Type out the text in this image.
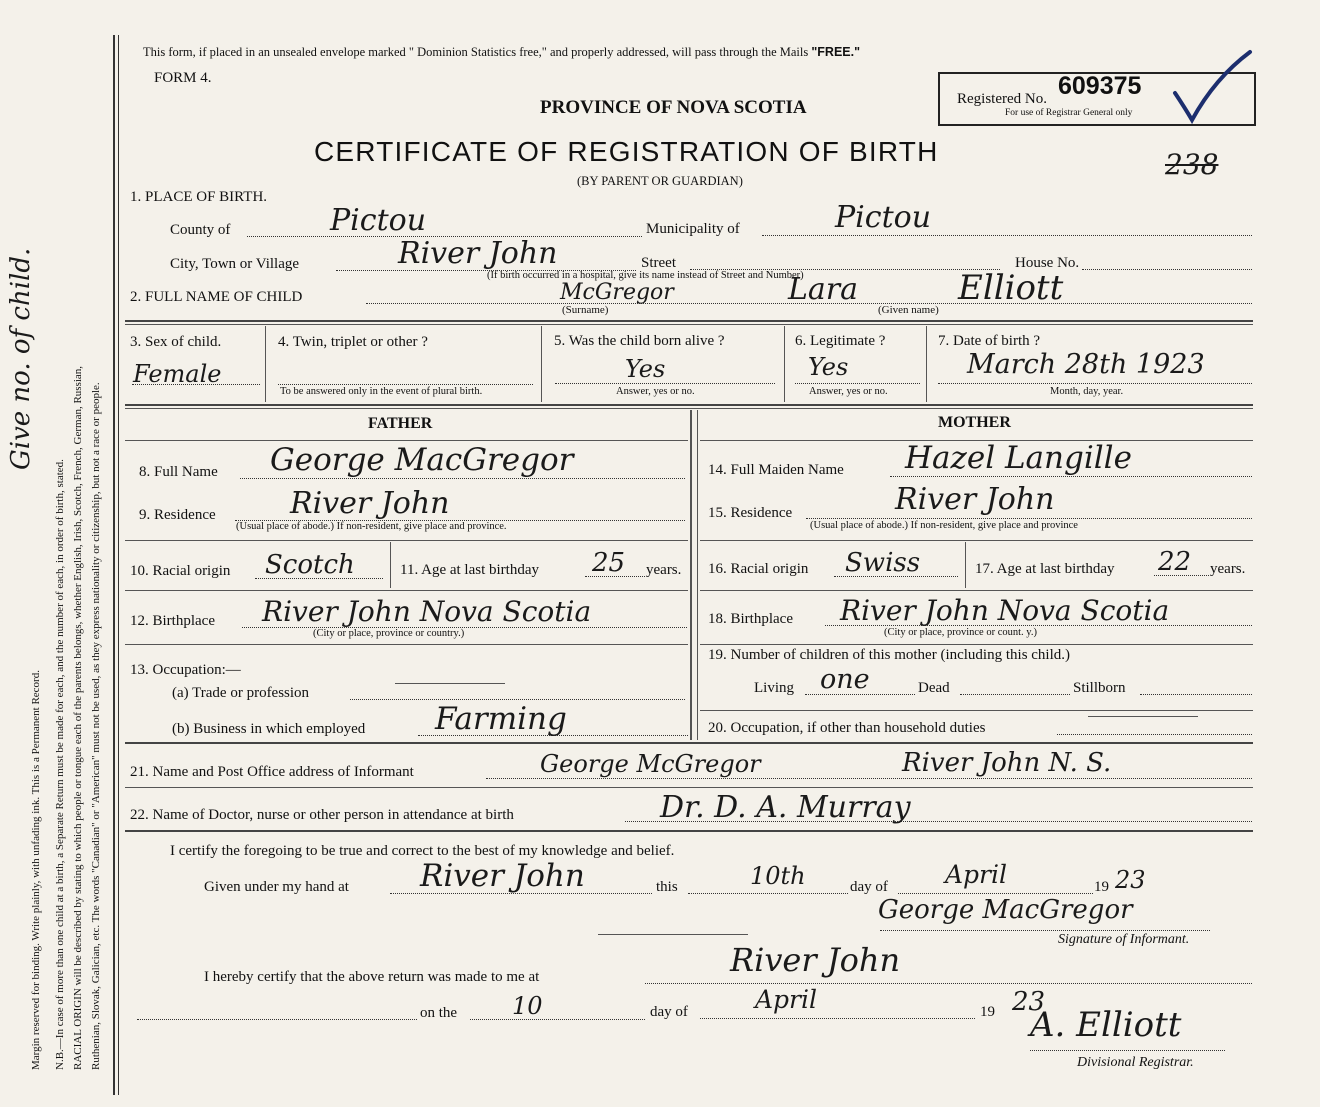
Margin reserved for binding. Write plainly, with unfading ink. This is a Permanent Record. N.B.—In case of more than one child at a birth, a Separate Return must be made for each, and the number of each, in order of birth, stated. RACIAL ORIGIN will be described by stating to which people or tongue each of the parents belongs, whether English, Irish, Scotch, French, German, Russian, Ruthenian, Slovak, Galician, etc. The words "Canadian" or "American" must not be used, as they express nationality or citizenship, but not a race or people.
Give no. of child.
This form, if placed in an unsealed envelope marked " Dominion Statistics free," and properly addressed, will pass through the Mails "FREE."
FORM 4.
PROVINCE OF NOVA SCOTIA
CERTIFICATE OF REGISTRATION OF BIRTH
(BY PARENT OR GUARDIAN)
Registered No. 609375
For use of Registrar General only
238
1. PLACE OF BIRTH.
County of	Pictou	Municipality of	Pictou
City, Town or Village	River John	Street	House No.
(If birth occurred in a hospital, give its name instead of Street and Number)
2. FULL NAME OF CHILD	McGregor	Lara	Elliott
(Surname)	(Given name)
3. Sex of child.
Female
4. Twin, triplet or other ?
To be answered only in the event of plural birth.
5. Was the child born alive ?
Yes
Answer, yes or no.
6. Legitimate ?
Yes
Answer, yes or no.
7. Date of birth ?
March 28th 1923
Month, day, year.
FATHER	MOTHER
8. Full Name George MacGregor
9. Residence River John
(Usual place of abode.) If non-resident, give place and province.
10. Racial origin Scotch	11. Age at last birthday 25 years.
12. Birthplace River John Nova Scotia
(City or place, province or country.)
13. Occupation:—
(a) Trade or profession
(b) Business in which employed Farming
14. Full Maiden Name Hazel Langille
15. Residence	River John
(Usual place of abode.) If non-resident, give place and province
16. Racial origin Swiss	17. Age at last birthday 22 years.
18. Birthplace River John Nova Scotia
(City or place, province or count. y.)
19. Number of children of this mother (including this child.)
Living one	Dead	Stillborn
20. Occupation, if other than household duties
21. Name and Post Office address of Informant	George McGregor	River John N. S.
22. Name of Doctor, nurse or other person in attendance at birth	Dr. D. A. Murray
I certify the foregoing to be true and correct to the best of my knowledge and belief.
Given under my hand at River John	this	10th	day of April	19 23
George MacGregor
Signature of Informant.
I hereby certify that the above return was made to me at	River John
on the 10	day of	April	19 23
A. Elliott
Divisional Registrar.
